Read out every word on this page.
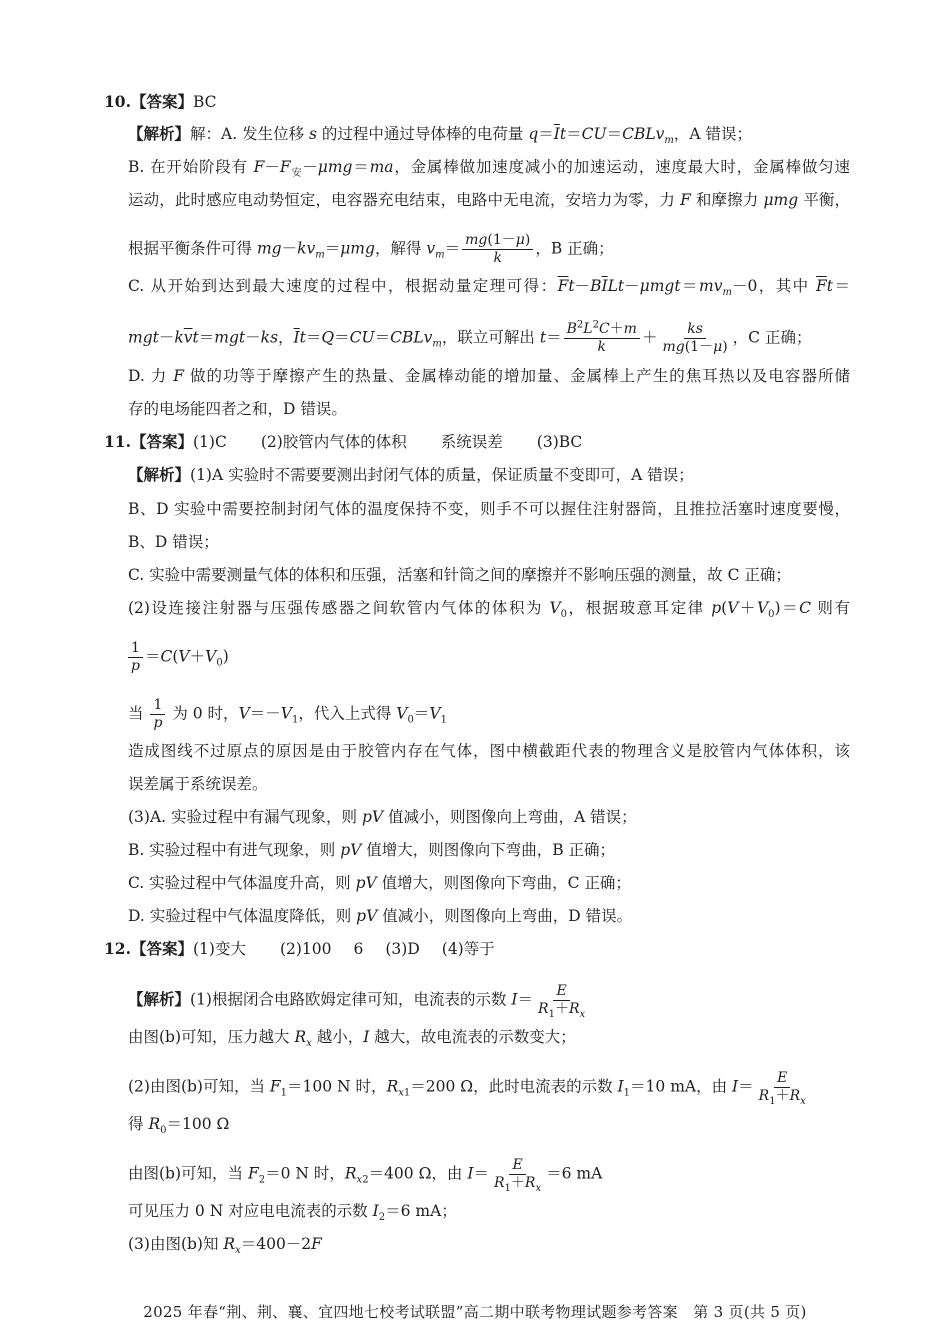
10.【答案】BC
【解析】解：A. 发生位移 s 的过程中通过导体棒的电荷量 $q=\overline{I}t=CU=CBLv_m$，A 错误；
B. 在开始阶段有 $F-F_安-\mu mg=ma$，金属棒做加速度减小的加速运动，速度最大时，金属棒做匀速
运动，此时感应电动势恒定，电容器充电结束，电路中无电流，安培力为零，力 F 和摩擦力 μmg 平衡，
根据平衡条件可得 $mg-kv_m=\mu mg$，解得 $v_m= \frac{mg(1-\mu)}{k}$ ，B 正确；
C. 从开始到达到最大速度的过程中，根据动量定理可得：$\overline{F}t-B\overline{I}Lt-\mu mgt=mv_m-0$，其中 $\overline{F}t=$
$mgt-k\overline{v}t=mgt-ks$，$\overline{I}t=Q=CU=CBLv_m$，联立可解出 $t= \frac{B^2L^2C+m}{k} + \frac{ks}{mg(1-\mu)}$ ，C 正确；
D. 力 F 做的功等于摩擦产生的热量、金属棒动能的增加量、金属棒上产生的焦耳热以及电容器所储
存的电场能四者之和，D 错误。
11.【答案】(1)C (2)胶管内气体的体积 系统误差 (3)BC
【解析】(1)A 实验时不需要要测出封闭气体的质量，保证质量不变即可，A 错误；
B、D 实验中需要控制封闭气体的温度保持不变，则手不可以握住注射器筒，且推拉活塞时速度要慢，
B、D 错误；
C. 实验中需要测量气体的体积和压强，活塞和针筒之间的摩擦并不影响压强的测量，故 C 正确；
(2)设连接注射器与压强传感器之间软管内气体的体积为 $V_0$，根据玻意耳定律 $p(V+V_0)=C$ 则有
$\frac{1}{p} =C(V+V_0)$
当 $\frac{1}{p}$ 为 0 时，$V=-V_1$，代入上式得 $V_0=V_1$
造成图线不过原点的原因是由于胶管内存在气体，图中横截距代表的物理含义是胶管内气体体积，该
误差属于系统误差。
(3)A. 实验过程中有漏气现象，则 pV 值减小，则图像向上弯曲，A 错误；
B. 实验过程中有进气现象，则 pV 值增大，则图像向下弯曲，B 正确；
C. 实验过程中气体温度升高，则 pV 值增大，则图像向下弯曲，C 正确；
D. 实验过程中气体温度降低，则 pV 值减小，则图像向上弯曲，D 错误。
12.【答案】(1)变大 (2)100 6 (3)D (4)等于
【解析】(1)根据闭合电路欧姆定律可知，电流表的示数 $I= \frac{E}{R_1+R_x}$
由图(b)可知，压力越大 $R_x$ 越小，I 越大，故电流表的示数变大；
(2)由图(b)可知，当 $F_1=100$ N 时，$R_{x1}=200$ Ω，此时电流表的示数 $I_1=10$ mA，由 $I= \frac{E}{R_1+R_x}$
得 $R_0=100$ Ω
由图(b)可知，当 $F_2=0$ N 时，$R_{x2}=400$ Ω，由 $I= \frac{E}{R_1+R_x} =6$ mA
可见压力 0 N 对应电电流表的示数 $I_2=6$ mA；
(3)由图(b)知 $R_x=400-2F$
2025 年春“荆、荆、襄、宜四地七校考试联盟”高二期中联考物理试题参考答案　第 3 页(共 5 页)
